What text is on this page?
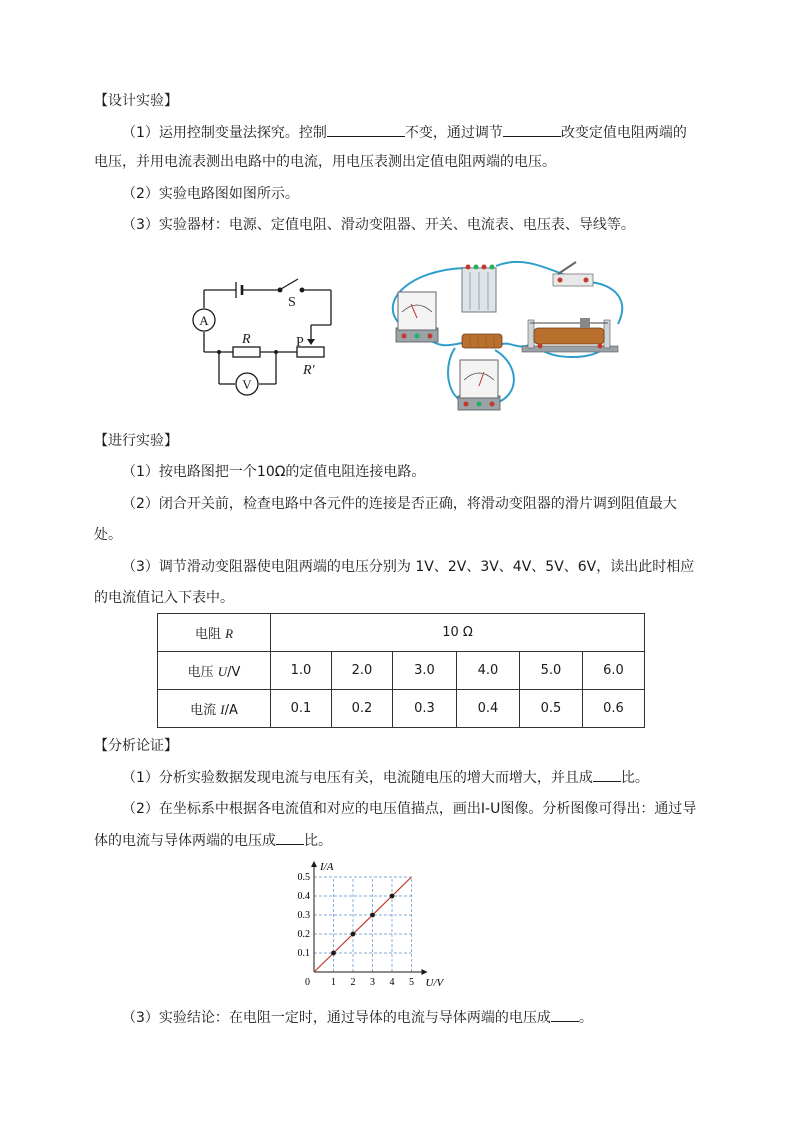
【设计实验】
（1）运用控制变量法探究。控制	不变，通过调节	改变定值电阻两端的
电压，并用电流表测出电路中的电流，用电压表测出定值电阻两端的电压。
（2）实验电路图如图所示。
（3）实验器材：电源、定值电阻、滑动变阻器、开关、电流表、电压表、导线等。
A
V
S
R	P
R′
【进行实验】
（1）按电路图把一个10Ω的定值电阻连接电路。
（2）闭合开关前，检查电路中各元件的连接是否正确，将滑动变阻器的滑片调到阻值最大
处。
（3）调节滑动变阻器使电阻两端的电压分别为 1V、2V、3V、4V、5V、6V，读出此时相应
的电流值记入下表中。
电阻 R	10 Ω					
电压 U/V	1.0	2.0	3.0	4.0	5.0	6.0
电流 I/A	0.1	0.2	0.3	0.4	0.5	0.6
【分析论证】
（1）分析实验数据发现电流与电压有关，电流随电压的增大而增大，并且成 比。
（2）在坐标系中根据各电流值和对应的电压值描点，画出I-U图像。分析图像可得出：通过导
体的电流与导体两端的电压成 比。
1 2 3 4 5
0.1
0.2
0.3
0.4
0.5
0
I/A
U/V
（3）实验结论：在电阻一定时，通过导体的电流与导体两端的电压成 。
